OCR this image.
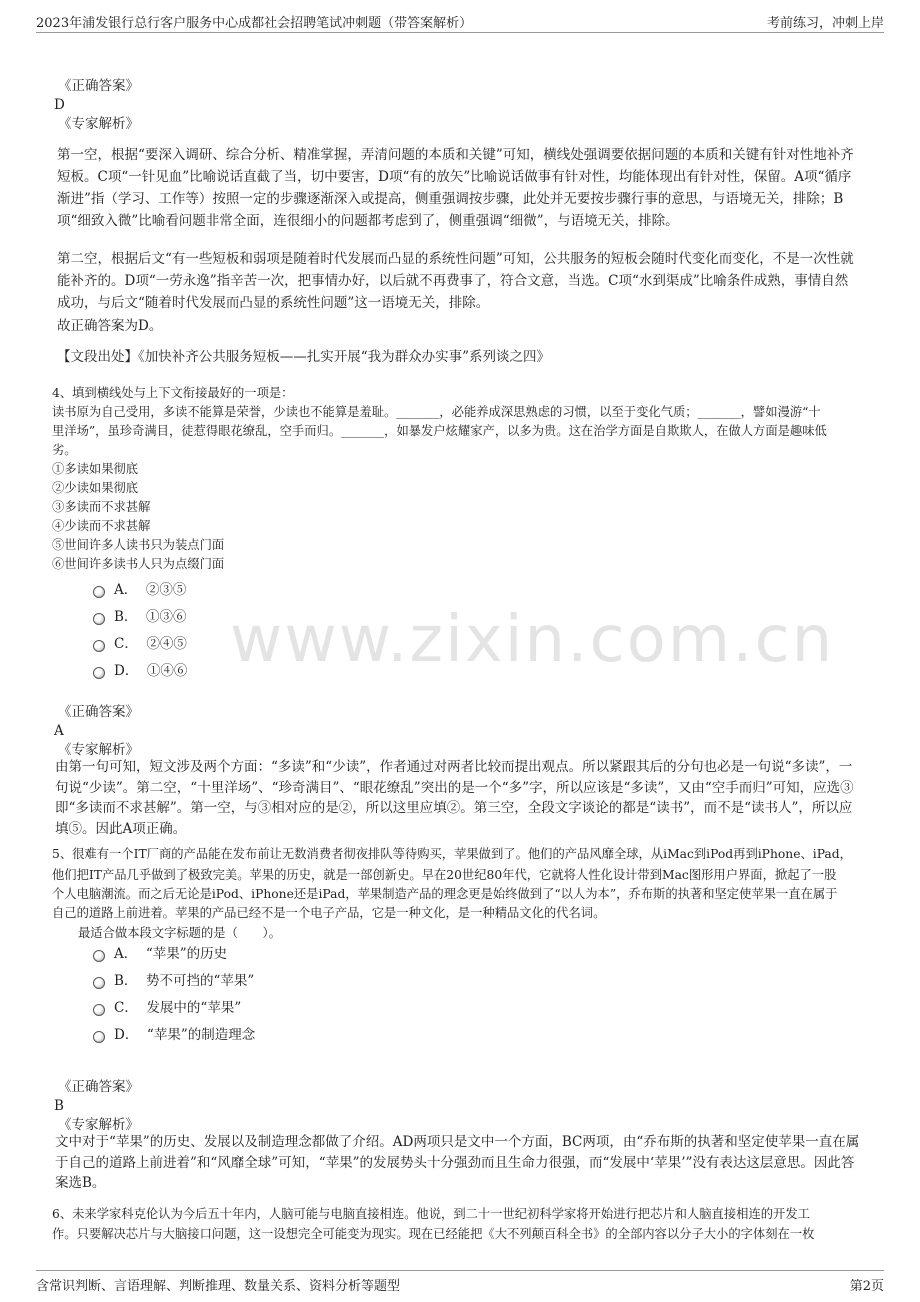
2023年浦发银行总行客户服务中心成都社会招聘笔试冲刺题（带答案解析）	考前练习，冲刺上岸
www.zixin.com.cn
《正确答案》
D
《专家解析》
第一空，根据“要深入调研、综合分析、精准掌握，弄清问题的本质和关键”可知，横线处强调要依据问题的本质和关键有针对性地补齐短板。C项“一针见血”比喻说话直截了当，切中要害，D项“有的放矢”比喻说话做事有针对性，均能体现出有针对性，保留。A项“循序渐进”指（学习、工作等）按照一定的步骤逐渐深入或提高，侧重强调按步骤，此处并无要按步骤行事的意思，与语境无关，排除；B项“细致入微”比喻看问题非常全面，连很细小的问题都考虑到了，侧重强调“细微”，与语境无关，排除。
第二空，根据后文“有一些短板和弱项是随着时代发展而凸显的系统性问题”可知，公共服务的短板会随时代变化而变化，不是一次性就能补齐的。D项“一劳永逸”指辛苦一次，把事情办好，以后就不再费事了，符合文意，当选。C项“水到渠成”比喻条件成熟，事情自然成功，与后文“随着时代发展而凸显的系统性问题”这一语境无关，排除。
故正确答案为D。
【文段出处】《加快补齐公共服务短板——扎实开展“我为群众办实事”系列谈之四》
4、填到横线处与上下文衔接最好的一项是：
读书原为自己受用，多读不能算是荣誉，少读也不能算是羞耻。_______，必能养成深思熟虑的习惯，以至于变化气质；_______，譬如漫游“十
里洋场”，虽珍奇满目，徒惹得眼花缭乱，空手而归。_______，如暴发户炫耀家产，以多为贵。这在治学方面是自欺欺人，在做人方面是趣味低
劣。
①多读如果彻底
②少读如果彻底
③多读而不求甚解
④少读而不求甚解
⑤世间许多人读书只为装点门面
⑥世间许多读书人只为点缀门面
A． ②③⑤
B． ①③⑥
C． ②④⑤
D． ①④⑥
《正确答案》
A
《专家解析》
由第一句可知，短文涉及两个方面：“多读”和“少读”，作者通过对两者比较而提出观点。所以紧跟其后的分句也必是一句说“多读”，一句说“少读”。第二空，“十里洋场”、“珍奇满目”、“眼花缭乱”突出的是一个“多”字，所以应该是“多读”，又由“空手而归”可知，应选③即“多读而不求甚解”。第一空，与③相对应的是②，所以这里应填②。第三空，全段文字谈论的都是“读书”，而不是“读书人”，所以应填⑤。因此A项正确。
5、很难有一个IT厂商的产品能在发布前让无数消费者彻夜排队等待购买，苹果做到了。他们的产品风靡全球，从iMac到iPod再到iPhone、iPad，
他们把IT产品几乎做到了极致完美。苹果的历史，就是一部创新史。早在20世纪80年代，它就将人性化设计带到Mac图形用户界面，掀起了一股
个人电脑潮流。而之后无论是iPod、iPhone还是iPad，苹果制造产品的理念更是始终做到了“以人为本”，乔布斯的执著和坚定使苹果一直在属于
自己的道路上前进着。苹果的产品已经不是一个电子产品，它是一种文化，是一种精品文化的代名词。
最适合做本段文字标题的是（　　）。
A． “苹果”的历史
B． 势不可挡的“苹果”
C． 发展中的“苹果”
D． “苹果”的制造理念
《正确答案》
B
《专家解析》
文中对于“苹果”的历史、发展以及制造理念都做了介绍。AD两项只是文中一个方面，BC两项，由“乔布斯的执著和坚定使苹果一直在属于自己的道路上前进着”和“风靡全球”可知，“苹果”的发展势头十分强劲而且生命力很强，而“发展中‘苹果’”没有表达这层意思。因此答案选B。
6、未来学家科克伦认为今后五十年内，人脑可能与电脑直接相连。他说，到二十一世纪初科学家将开始进行把芯片和人脑直接相连的开发工
作。只要解决芯片与大脑接口问题，这一设想完全可能变为现实。现在已经能把《大不列颠百科全书》的全部内容以分子大小的字体刻在一枚
含常识判断、言语理解、判断推理、数量关系、资料分析等题型	第2页
